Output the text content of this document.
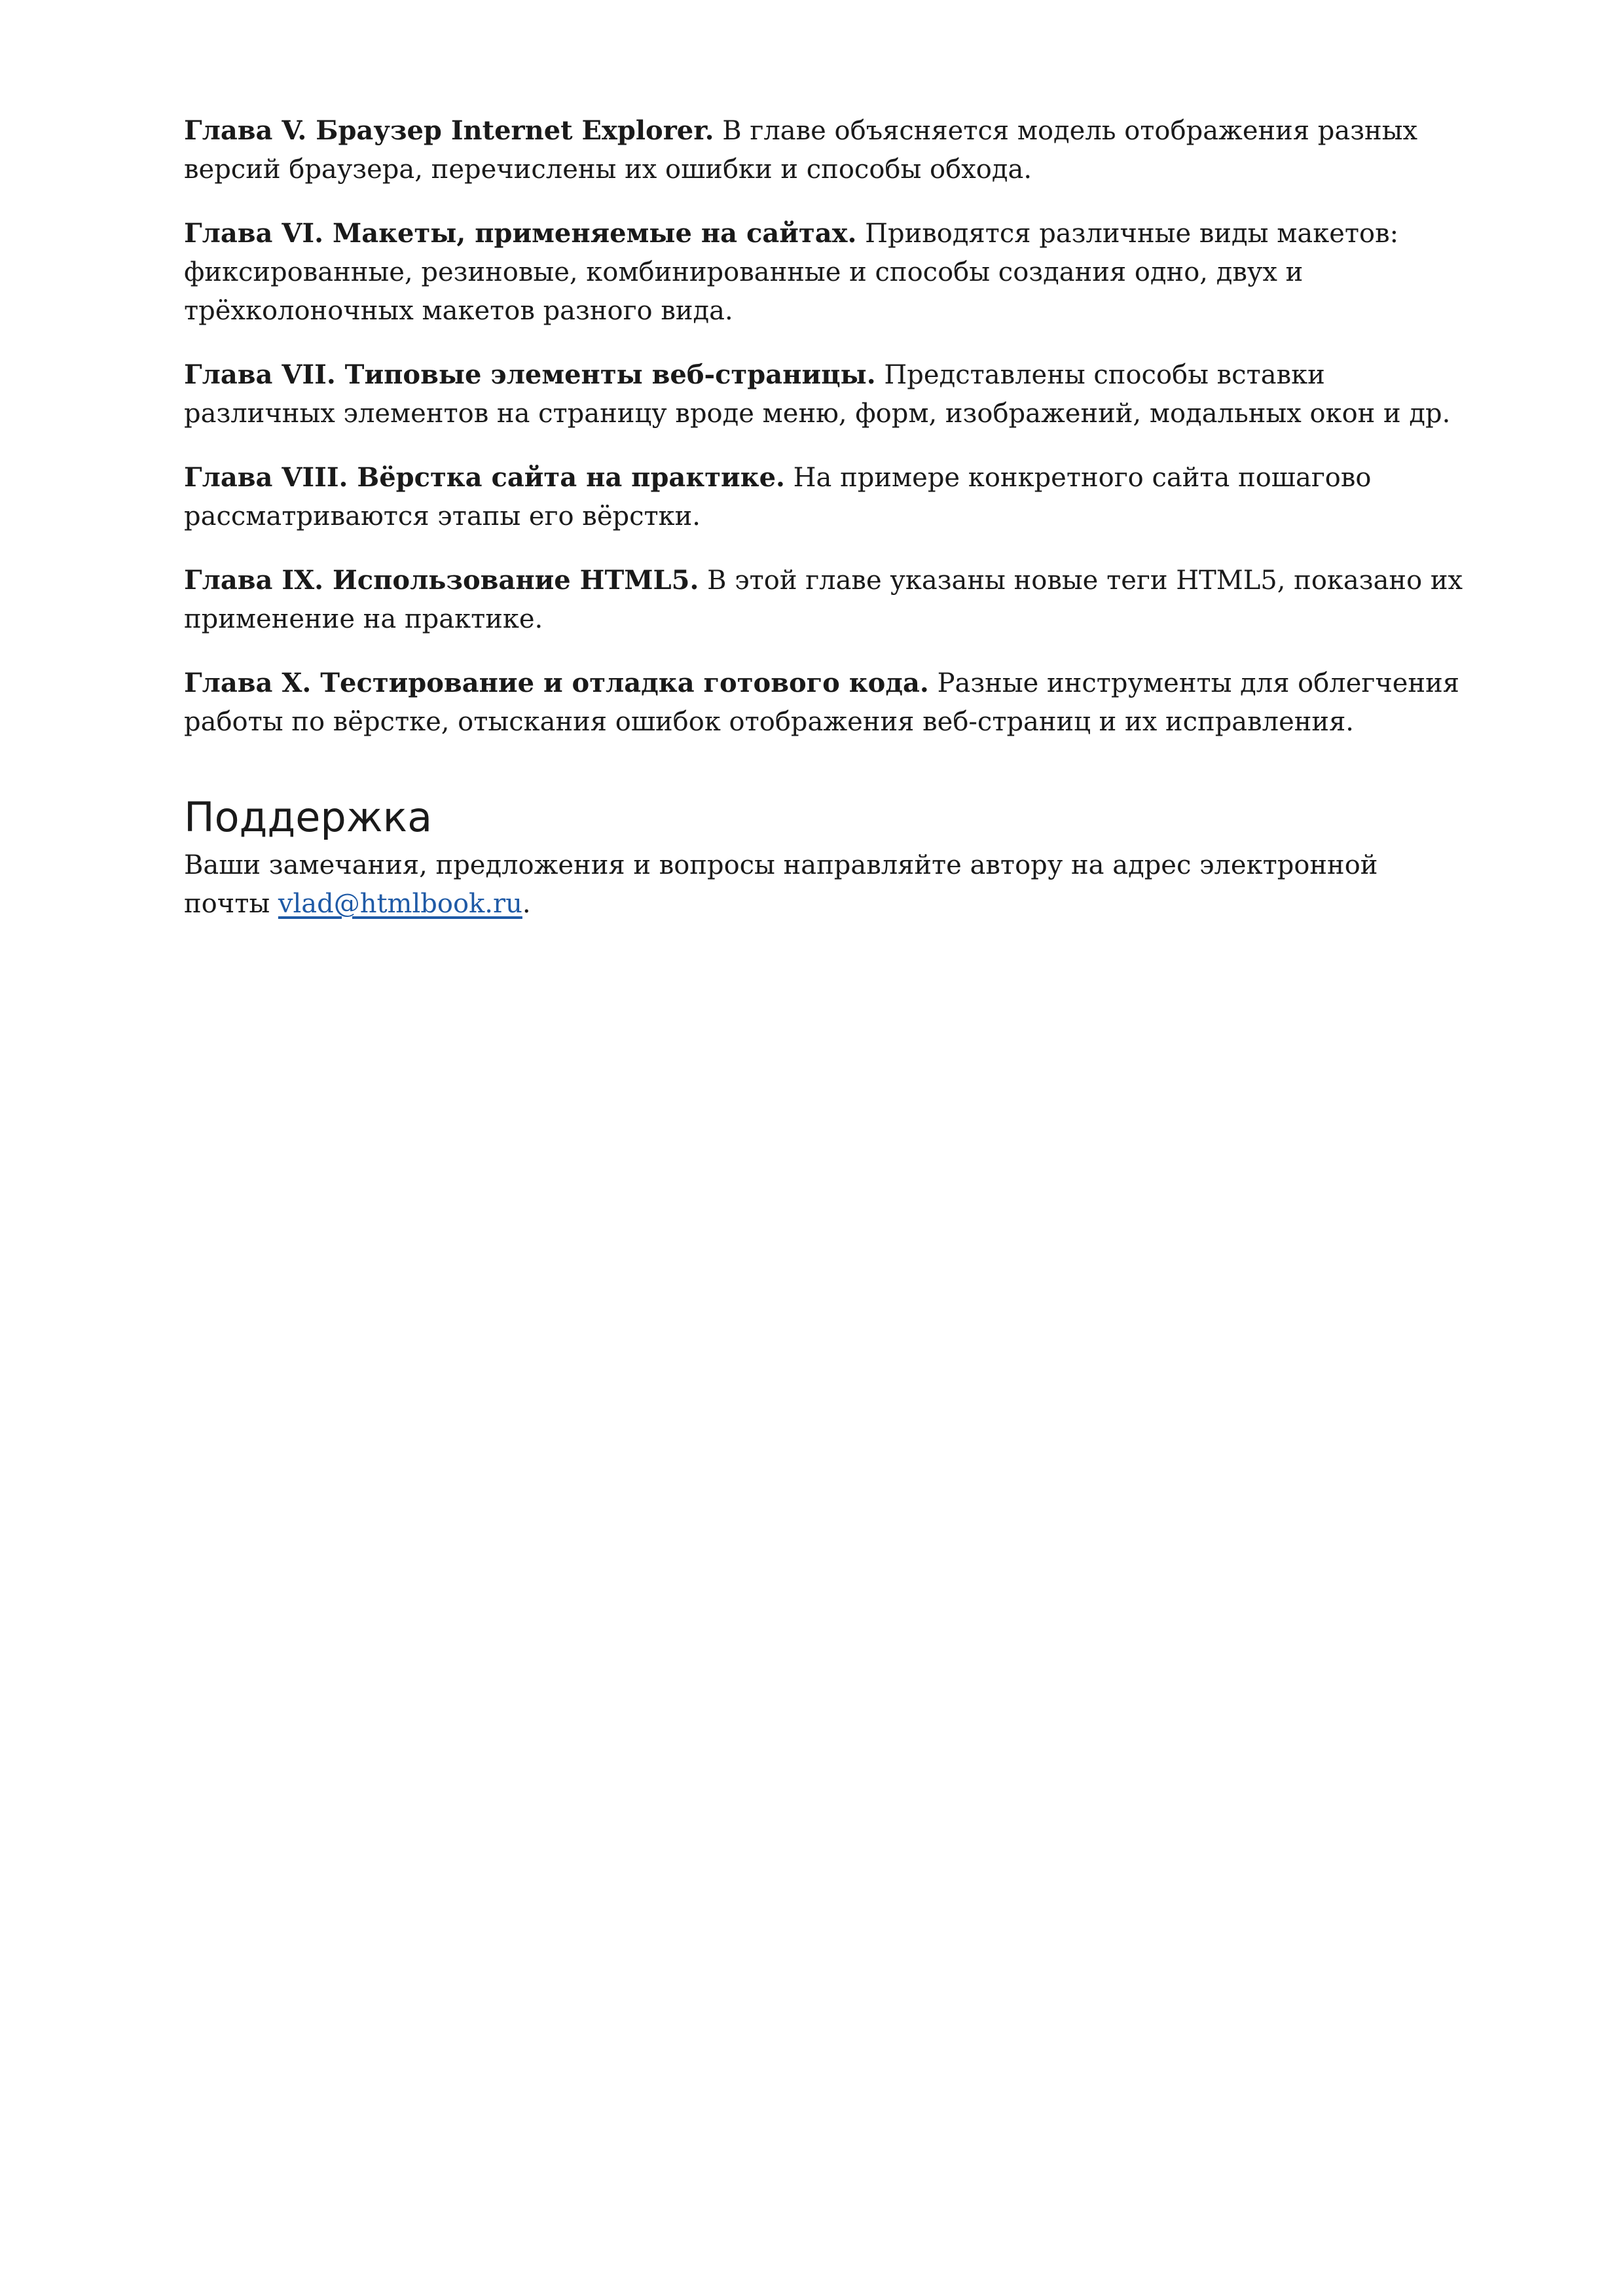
Глава V. Браузер Internet Explorer. В главе объясняется модель отображения разных версий браузера, перечислены их ошибки и способы обхода.

Глава VI. Макеты, применяемые на сайтах. Приводятся различные виды макетов: фиксированные, резиновые, комбинированные и способы создания одно, двух и трёхколоночных макетов разного вида.

Глава VII. Типовые элементы веб-страницы. Представлены способы вставки различных элементов на страницу вроде меню, форм, изображений, модальных окон и др.

Глава VIII. Вёрстка сайта на практике. На примере конкретного сайта пошагово рассматриваются этапы его вёрстки.

Глава IX. Использование HTML5. В этой главе указаны новые теги HTML5, показано их применение на практике.

Глава X. Тестирование и отладка готового кода. Разные инструменты для облегчения работы по вёрстке, отыскания ошибок отображения веб-страниц и их исправления.

Поддержка

Ваши замечания, предложения и вопросы направляйте автору на адрес электронной почты vlad@htmlbook.ru.
